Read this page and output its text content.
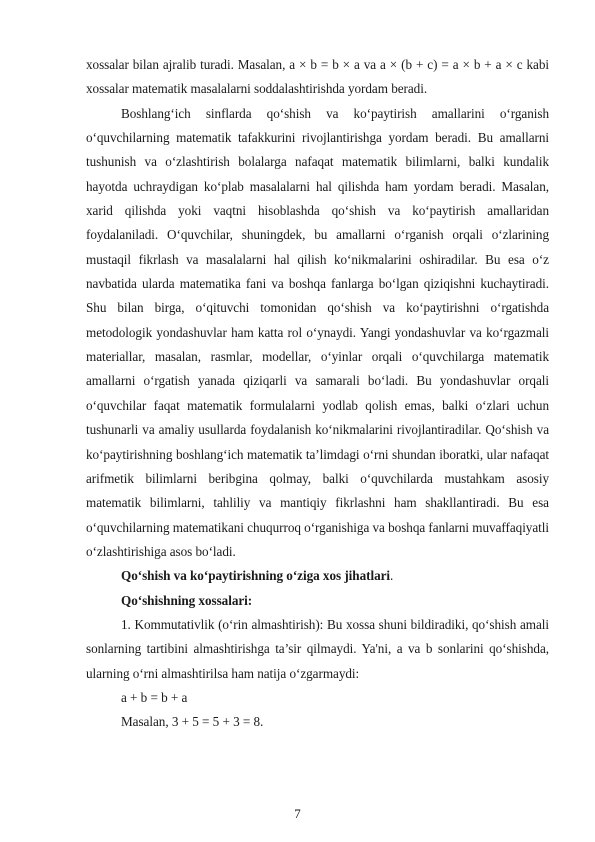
xossalar bilan ajralib turadi. Masalan, a × b = b × a va a × (b + c) = a × b + a × c kabi xossalar matematik masalalarni soddalashtirishda yordam beradi.

Boshlang‘ich sinflarda qo‘shish va ko‘paytirish amallarini o‘rganish o‘quvchilarning matematik tafakkurini rivojlantirishga yordam beradi. Bu amallarni tushunish va o‘zlashtirish bolalarga nafaqat matematik bilimlarni, balki kundalik hayotda uchraydigan ko‘plab masalalarni hal qilishda ham yordam beradi. Masalan, xarid qilishda yoki vaqtni hisoblashda qo‘shish va ko‘paytirish amallaridan foydalaniladi. O‘quvchilar, shuningdek, bu amallarni o‘rganish orqali o‘zlarining mustaqil fikrlash va masalalarni hal qilish ko‘nikmalarini oshiradilar. Bu esa o‘z navbatida ularda matematika fani va boshqa fanlarga bo‘lgan qiziqishni kuchaytiradi. Shu bilan birga, o‘qituvchi tomonidan qo‘shish va ko‘paytirishni o‘rgatishda metodologik yondashuvlar ham katta rol o‘ynaydi. Yangi yondashuvlar va ko‘rgazmali materiallar, masalan, rasmlar, modellar, o‘yinlar orqali o‘quvchilarga matematik amallarni o‘rgatish yanada qiziqarli va samarali bo‘ladi. Bu yondashuvlar orqali o‘quvchilar faqat matematik formulalarni yodlab qolish emas, balki o‘zlari uchun tushunarli va amaliy usullarda foydalanish ko‘nikmalarini rivojlantiradilar. Qo‘shish va ko‘paytirishning boshlang‘ich matematik ta’limdagi o‘rni shundan iboratki, ular nafaqat arifmetik bilimlarni beribgina qolmay, balki o‘quvchilarda mustahkam asosiy matematik bilimlarni, tahliliy va mantiqiy fikrlashni ham shakllantiradi. Bu esa o‘quvchilarning matematikani chuqurroq o‘rganishiga va boshqa fanlarni muvaffaqiyatli o‘zlashtirishiga asos bo‘ladi.

Qo‘shish va ko‘paytirishning o‘ziga xos jihatlari.

Qo‘shishning xossalari:

1. Kommutativlik (o‘rin almashtirish): Bu xossa shuni bildiradiki, qo‘shish amali sonlarning tartibini almashtirishga ta’sir qilmaydi. Ya'ni, a va b sonlarini qo‘shishda, ularning o‘rni almashtirilsa ham natija o‘zgarmaydi:

a + b = b + a

Masalan, 3 + 5 = 5 + 3 = 8.

7
